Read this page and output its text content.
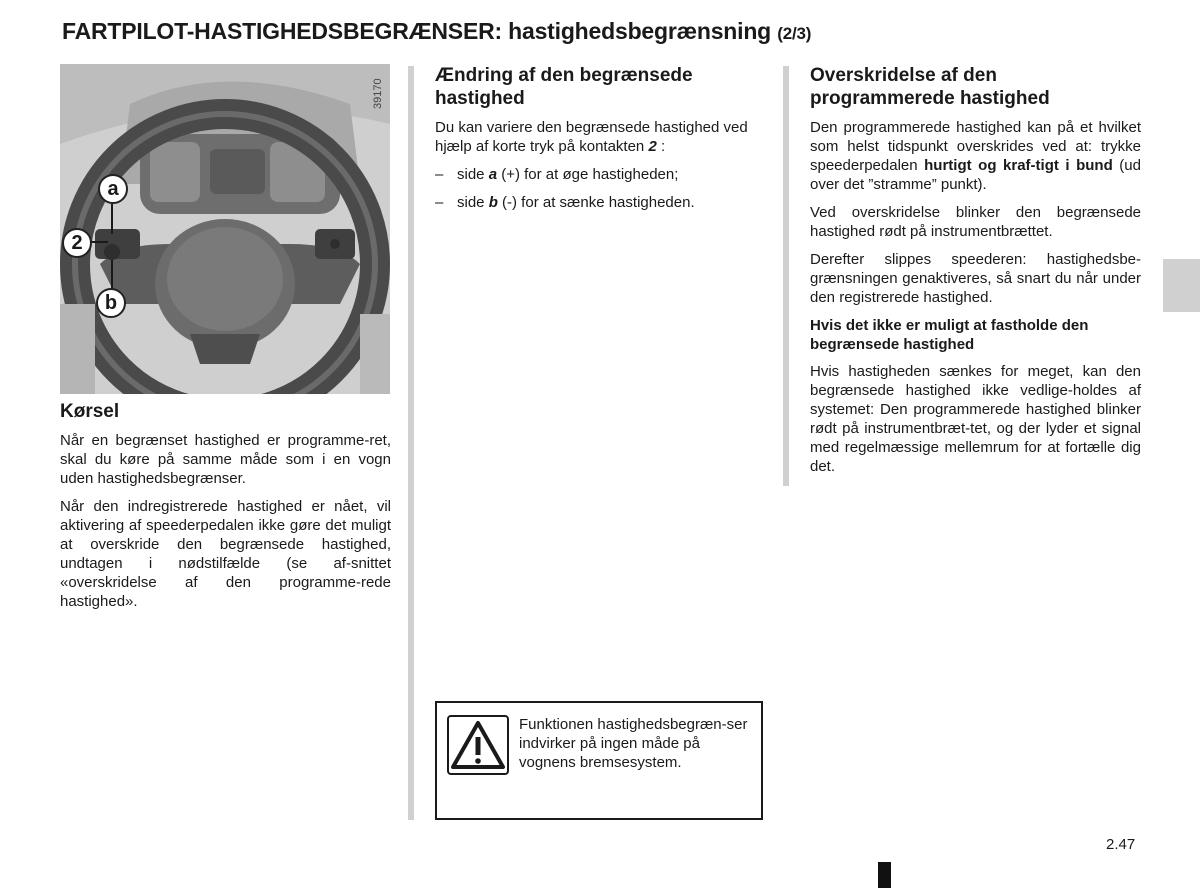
FARTPILOT-HASTIGHEDSBEGRÆNSER: hastighedsbegrænsning (2/3)
a
2
b
Kørsel

Når en begrænset hastighed er programme-ret, skal du køre på samme måde som i en vogn uden hastighedsbegrænser.

Når den indregistrerede hastighed er nået, vil aktivering af speederpedalen ikke gøre det muligt at overskride den begrænsede hastighed, undtagen i nødstilfælde (se af-snittet «overskridelse af den programme-rede hastighed».

39170
Ændring af den begrænsede hastighed

Du kan variere den begrænsede hastighed ved hjælp af korte tryk på kontakten 2 :

– side a (+) for at øge hastigheden;
– side b (-) for at sænke hastigheden.
Funktionen hastighedsbegræn-ser indvirker på ingen måde på vognens bremsesystem.
Overskridelse af den programmerede hastighed

Den programmerede hastighed kan på et hvilket som helst tidspunkt overskrides ved at: trykke speederpedalen hurtigt og kraf-tigt i bund (ud over det ”stramme” punkt).

Ved overskridelse blinker den begrænsede hastighed rødt på instrumentbrættet.

Derefter slippes speederen: hastighedsbe-grænsningen genaktiveres, så snart du når under den registrerede hastighed.

Hvis det ikke er muligt at fastholde den begrænsede hastighed

Hvis hastigheden sænkes for meget, kan den begrænsede hastighed ikke vedlige-holdes af systemet: Den programmerede hastighed blinker rødt på instrumentbræt-tet, og der lyder et signal med regelmæssige mellemrum for at fortælle dig det.

2.47
